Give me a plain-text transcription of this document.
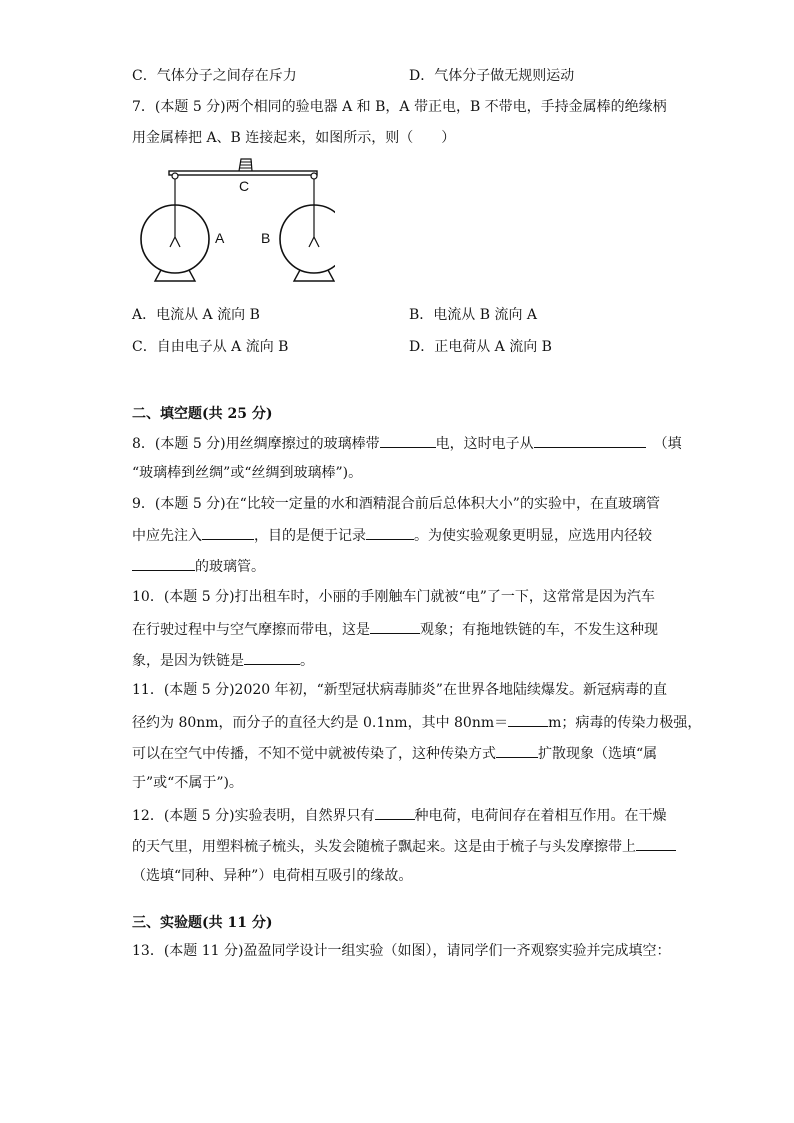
C．气体分子之间存在斥力	D．气体分子做无规则运动
7．(本题 5 分)两个相同的验电器 A 和 B，A 带正电，B 不带电，手持金属棒的绝缘柄
用金属棒把 A、B 连接起来，如图所示，则（　　）
C
A	B
A．电流从 A 流向 B	B．电流从 B 流向 A
C．自由电子从 A 流向 B	D．正电荷从 A 流向 B
二、填空题(共 25 分)
8．(本题 5 分)用丝绸摩擦过的玻璃棒带	电，这时电子从	（填
“玻璃棒到丝绸”或“丝绸到玻璃棒”)。
9．(本题 5 分)在“比较一定量的水和酒精混合前后总体积大小”的实验中，在直玻璃管
中应先注入	，目的是便于记录	。为使实验观象更明显，应选用内径较
的玻璃管。
10．(本题 5 分)打出租车时，小丽的手刚触车门就被“电”了一下，这常常是因为汽车
在行驶过程中与空气摩擦而带电，这是	观象；有拖地铁链的车，不发生这种现
象，是因为铁链是	。
11．(本题 5 分)2020 年初，“新型冠状病毒肺炎”在世界各地陆续爆发。新冠病毒的直
径约为 80nm，而分子的直径大约是 0.1nm，其中 80nm＝	m；病毒的传染力极强，
可以在空气中传播，不知不觉中就被传染了，这种传染方式	扩散现象（选填“属
于”或“不属于”)。
12．(本题 5 分)实验表明，自然界只有	种电荷，电荷间存在着相互作用。在干燥
的天气里，用塑料梳子梳头，头发会随梳子飘起来。这是由于梳子与头发摩擦带上
（选填“同种、异种”）电荷相互吸引的缘故。
三、实验题(共 11 分)
13．(本题 11 分)盈盈同学设计一组实验（如图），请同学们一齐观察实验并完成填空：
